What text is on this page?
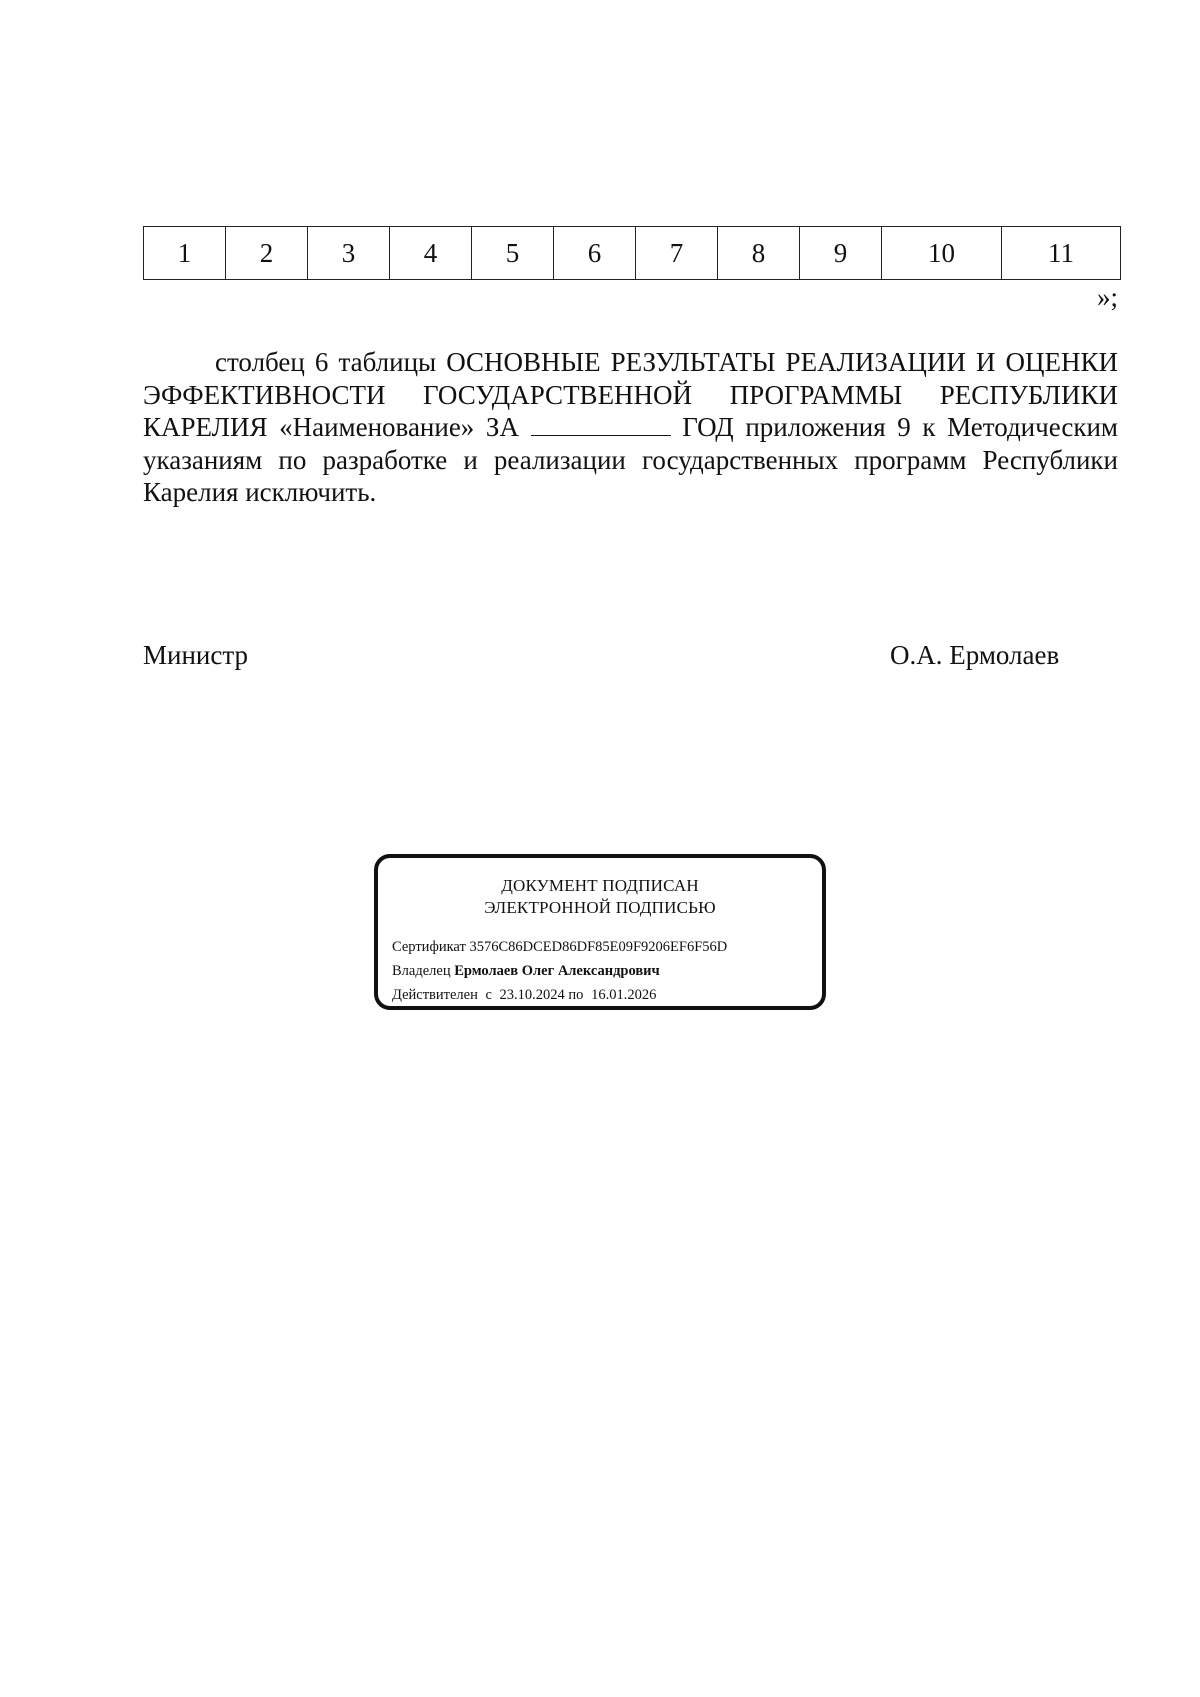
1	2	3	4	5	6	7	8	9	10	11
»;

столбец 6 таблицы ОСНОВНЫЕ РЕЗУЛЬТАТЫ РЕАЛИЗАЦИИ И ОЦЕНКИ ЭФФЕКТИВНОСТИ ГОСУДАРСТВЕННОЙ ПРОГРАММЫ РЕСПУБЛИКИ КАРЕЛИЯ «Наименование» ЗА	ГОД приложения 9 к Методическим указаниям по разработке и реализации государственных программ Республики Карелия исключить.

Министр	О.А. Ермолаев
ДОКУМЕНТ ПОДПИСАН
ЭЛЕКТРОННОЙ ПОДПИСЬЮ
Сертификат 3576C86DCED86DF85E09F9206EF6F56D
Владелец Ермолаев Олег Александрович
Действителен с 23.10.2024 по 16.01.2026
